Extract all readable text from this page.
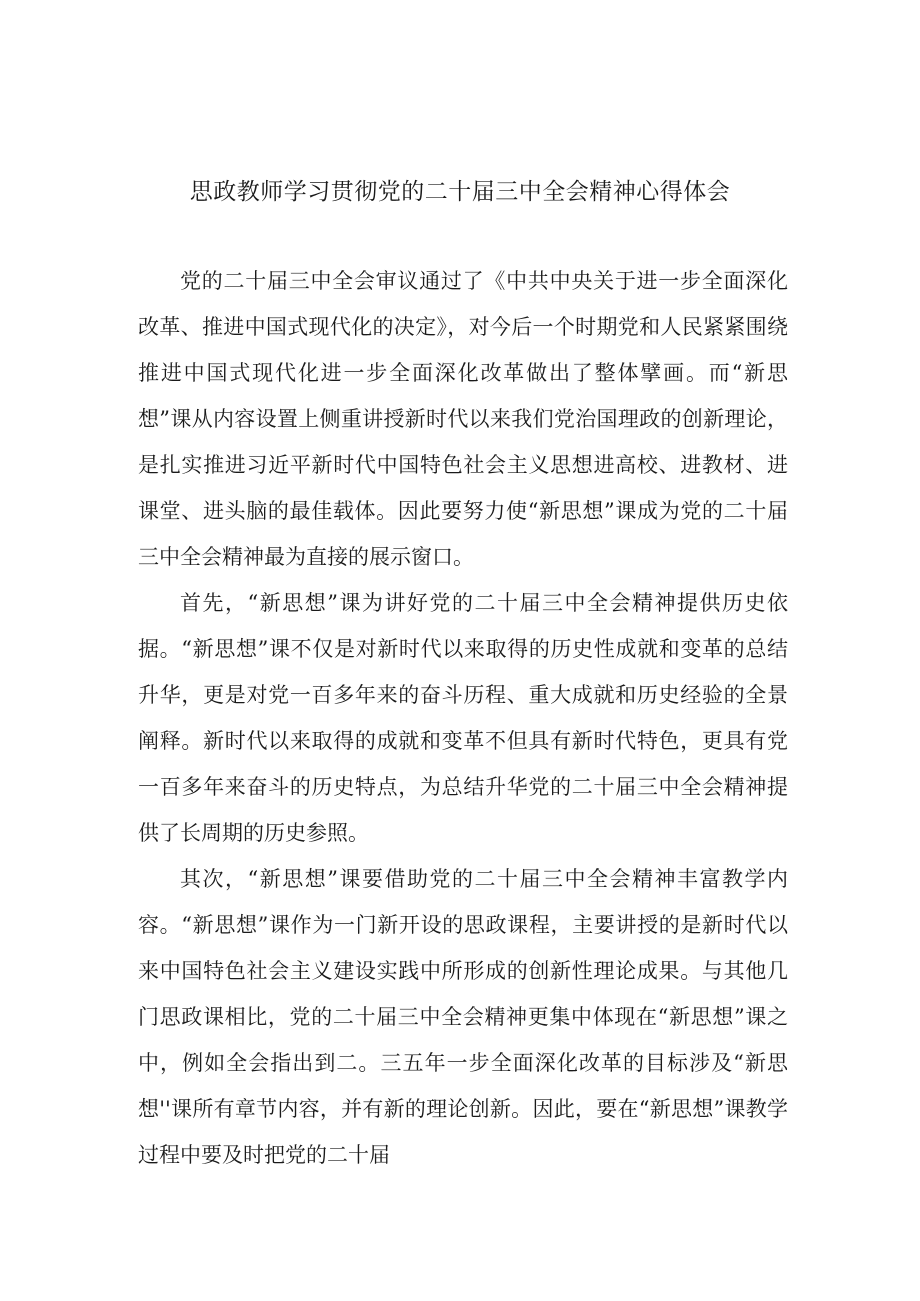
思政教师学习贯彻党的二十届三中全会精神心得体会

党的二十届三中全会审议通过了《中共中央关于进一步全面深化改革、推进中国式现代化的决定》，对今后一个时期党和人民紧紧围绕推进中国式现代化进一步全面深化改革做出了整体擘画。而“新思想”课从内容设置上侧重讲授新时代以来我们党治国理政的创新理论，是扎实推进习近平新时代中国特色社会主义思想进高校、进教材、进课堂、进头脑的最佳载体。因此要努力使“新思想”课成为党的二十届三中全会精神最为直接的展示窗口。

首先，“新思想”课为讲好党的二十届三中全会精神提供历史依据。“新思想”课不仅是对新时代以来取得的历史性成就和变革的总结升华，更是对党一百多年来的奋斗历程、重大成就和历史经验的全景阐释。新时代以来取得的成就和变革不但具有新时代特色，更具有党一百多年来奋斗的历史特点，为总结升华党的二十届三中全会精神提供了长周期的历史参照。

其次，“新思想”课要借助党的二十届三中全会精神丰富教学内容。“新思想”课作为一门新开设的思政课程，主要讲授的是新时代以来中国特色社会主义建设实践中所形成的创新性理论成果。与其他几门思政课相比，党的二十届三中全会精神更集中体现在“新思想”课之中，例如全会指出到二。三五年一步全面深化改革的目标涉及“新思想''课所有章节内容，并有新的理论创新。因此，要在“新思想”课教学过程中要及时把党的二十届
